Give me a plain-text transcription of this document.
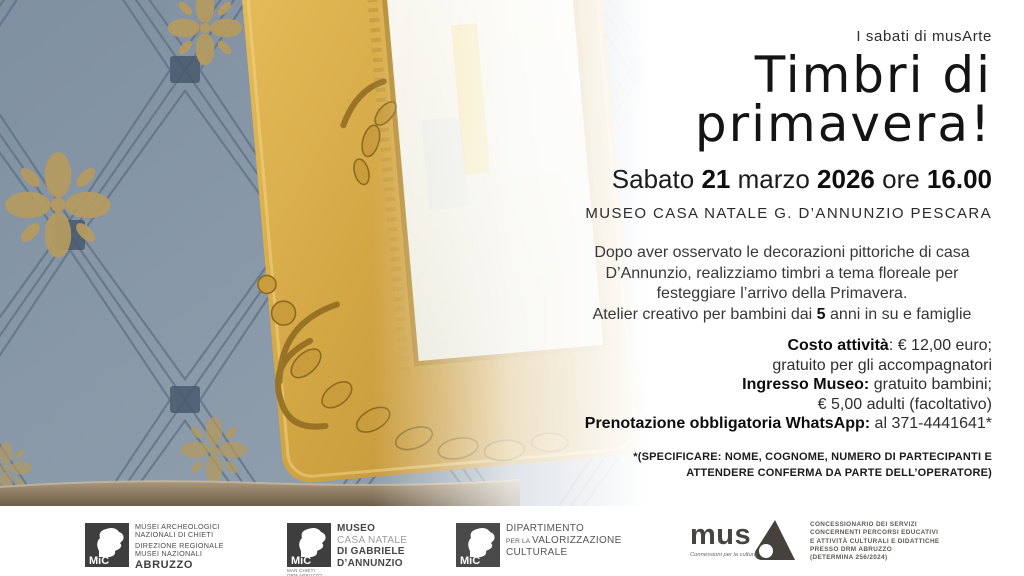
I sabati di musArte
Timbri di
primavera!
Sabato 21 marzo 2026 ore 16.00
MUSEO CASA NATALE G. D’ANNUNZIO PESCARA
Dopo aver osservato le decorazioni pittoriche di casa
D’Annunzio, realizziamo timbri a tema floreale per
festeggiare l’arrivo della Primavera.
Atelier creativo per bambini dai 5 anni in su e famiglie
Costo attività: € 12,00 euro;
gratuito per gli accompagnatori
Ingresso Museo: gratuito bambini;
€ 5,00 adulti (facoltativo)
Prenotazione obbligatoria WhatsApp: al 371-4441641*
*(SPECIFICARE: NOME, COGNOME, NUMERO DI PARTECIPANTI E
ATTENDERE CONFERMA DA PARTE DELL’OPERATORE)
MiC
MUSEI ARCHEOLOGICI
NAZIONALI DI CHIETI
DIREZIONE REGIONALE
MUSEI NAZIONALI
ABRUZZO	MiC
MAN CHIETI
DRM ABRUZZO
MUSEO
CASA NATALE
DI GABRIELE
D’ANNUNZIO	MiC
DIPARTIMENTO
PER LA VALORIZZAZIONE
CULTURALE
mus
Connessioni per la cultura
CONCESSIONARIO DEI SERVIZI
CONCERNENTI PERCORSI EDUCATIVI
E ATTIVITÀ CULTURALI E DIDATTICHE
PRESSO DRM ABRUZZO
(DETERMINA 256/2024)
